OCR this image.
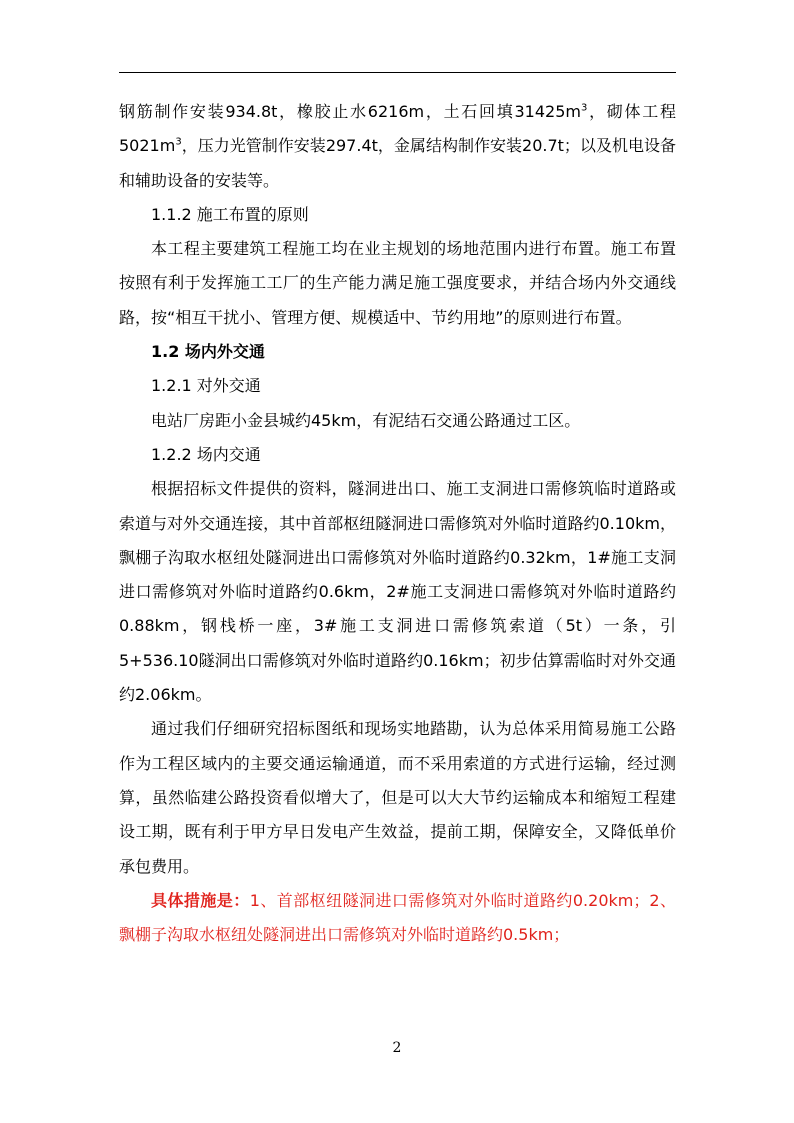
钢筋制作安装934.8t，橡胶止水6216m，土石回填$31425m^3$，砌体工程$5021m^3$，压力光管制作安装297.4t，金属结构制作安装20.7t；以及机电设备和辅助设备的安装等。

1.1.2 施工布置的原则

本工程主要建筑工程施工均在业主规划的场地范围内进行布置。施工布置按照有利于发挥施工工厂的生产能力满足施工强度要求，并结合场内外交通线路，按“相互干扰小、管理方便、规模适中、节约用地”的原则进行布置。

1.2 场内外交通

1.2.1 对外交通

电站厂房距小金县城约45km，有泥结石交通公路通过工区。

1.2.2 场内交通

根据招标文件提供的资料，隧洞进出口、施工支洞进口需修筑临时道路或索道与对外交通连接，其中首部枢纽隧洞进口需修筑对外临时道路约0.10km，飘棚子沟取水枢纽处隧洞进出口需修筑对外临时道路约0.32km，1#施工支洞进口需修筑对外临时道路约0.6km，2#施工支洞进口需修筑对外临时道路约0.88km，钢栈桥一座，3#施工支洞进口需修筑索道（5t）一条，引5+536.10隧洞出口需修筑对外临时道路约0.16km；初步估算需临时对外交通约2.06km。

通过我们仔细研究招标图纸和现场实地踏勘，认为总体采用简易施工公路作为工程区域内的主要交通运输通道，而不采用索道的方式进行运输，经过测算，虽然临建公路投资看似增大了，但是可以大大节约运输成本和缩短工程建设工期，既有利于甲方早日发电产生效益，提前工期，保障安全，又降低单价承包费用。

具体措施是：1、首部枢纽隧洞进口需修筑对外临时道路约0.20km；2、飘棚子沟取水枢纽处隧洞进出口需修筑对外临时道路约0.5km；

2
